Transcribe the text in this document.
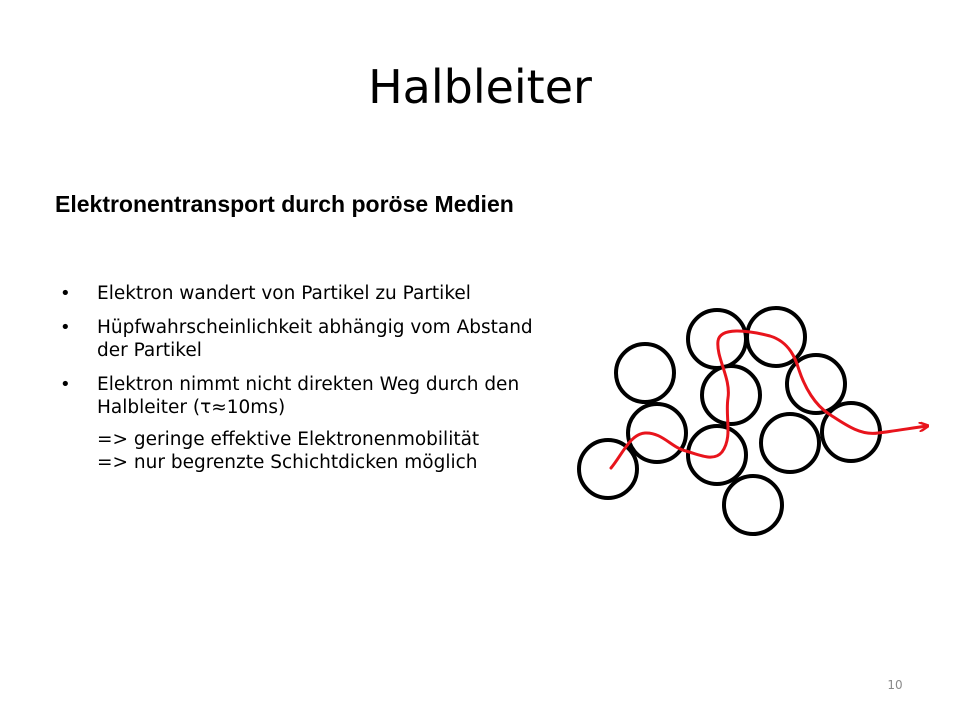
Halbleiter
Elektronentransport durch poröse Medien
• Elektron wandert von Partikel zu Partikel
• Hüpfwahrscheinlichkeit abhängig vom Abstand der Partikel
• Elektron nimmt nicht direkten Weg durch den Halbleiter (τ≈10ms)
=> geringe effektive Elektronenmobilität
=> nur begrenzte Schichtdicken möglich
10
